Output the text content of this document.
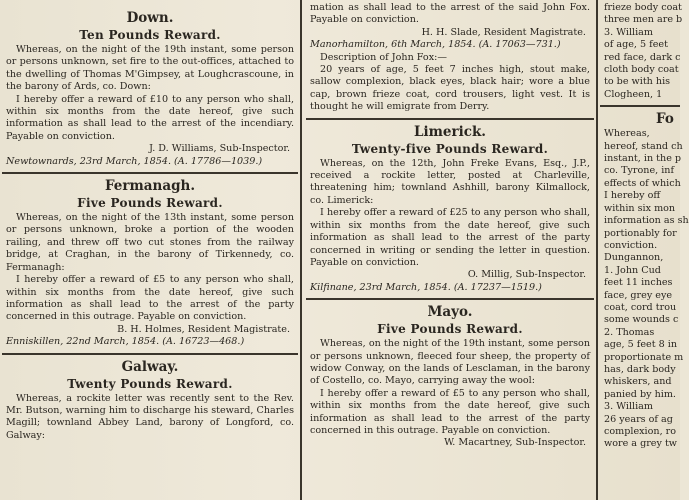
Down.
Ten Pounds Reward.

Whereas, on the night of the 19th instant, some person or persons unknown, set fire to the out-offices, attached to the dwelling of Thomas M'Gimpsey, at Loughcrascoune, in the barony of Ards, co. Down:

I hereby offer a reward of £10 to any person who shall, within six months from the date hereof, give such information as shall lead to the arrest of the incendiary. Payable on conviction.

J. D. Williams, Sub-Inspector.

Newtownards, 23rd March, 1854. (A. 17786—1039.)

Fermanagh.
Five Pounds Reward.

Whereas, on the night of the 13th instant, some person or persons unknown, broke a portion of the wooden railing, and threw off two cut stones from the railway bridge, at Craghan, in the barony of Tirkennedy, co. Fermanagh:

I hereby offer a reward of £5 to any person who shall, within six months from the date hereof, give such information as shall lead to the arrest of the party concerned in this outrage. Payable on conviction.

B. H. Holmes, Resident Magistrate.

Enniskillen, 22nd March, 1854. (A. 16723—468.)

Galway.
Twenty Pounds Reward.

Whereas, a rockite letter was recently sent to the Rev. Mr. Butson, warning him to discharge his steward, Charles Magill; townland Abbey Land, barony of Longford, co. Galway:

mation as shall lead to the arrest of the said John Fox. Payable on conviction.

H. H. Slade, Resident Magistrate.

Manorhamilton, 6th March, 1854. (A. 17063—731.)

Description of John Fox:—

20 years of age, 5 feet 7 inches high, stout make, sallow complexion, black eyes, black hair; wore a blue cap, brown frieze coat, cord trousers, light vest. It is thought he will emigrate from Derry.

Limerick.
Twenty-five Pounds Reward.

Whereas, on the 12th, John Freke Evans, Esq., J.P., received a rockite letter, posted at Charleville, threatening him; townland Ashhill, barony Kilmallock, co. Limerick:

I hereby offer a reward of £25 to any person who shall, within six months from the date hereof, give such information as shall lead to the arrest of the party concerned in writing or sending the letter in question. Payable on conviction.

O. Millig, Sub-Inspector.

Kilfinane, 23rd March, 1854. (A. 17237—1519.)

Mayo.
Five Pounds Reward.

Whereas, on the night of the 19th instant, some person or persons unknown, fleeced four sheep, the property of widow Conway, on the lands of Lesclaman, in the barony of Costello, co. Mayo, carrying away the wool:

I hereby offer a reward of £5 to any person who shall, within six months from the date hereof, give such information as shall lead to the arrest of the party concerned in this outrage. Payable on conviction.

W. Macartney, Sub-Inspector.

frieze body coat

three men are b

3. William

of age, 5 feet

red face, dark c

cloth body coat

to be with his

Clogheen, 1

Fo

Whereas,

hereof, stand ch

instant, in the p

co. Tyrone, inf

effects of which

I hereby off

within six mon

information as sh

portionably for

conviction.

Dungannon,

1. John Cud

feet 11 inches

face, grey eye

coat, cord trou

some wounds c

2. Thomas

age, 5 feet 8 in

proportionate m

has, dark body

whiskers, and

panied by him.

3. William

26 years of ag

complexion, ro

wore a grey tw
